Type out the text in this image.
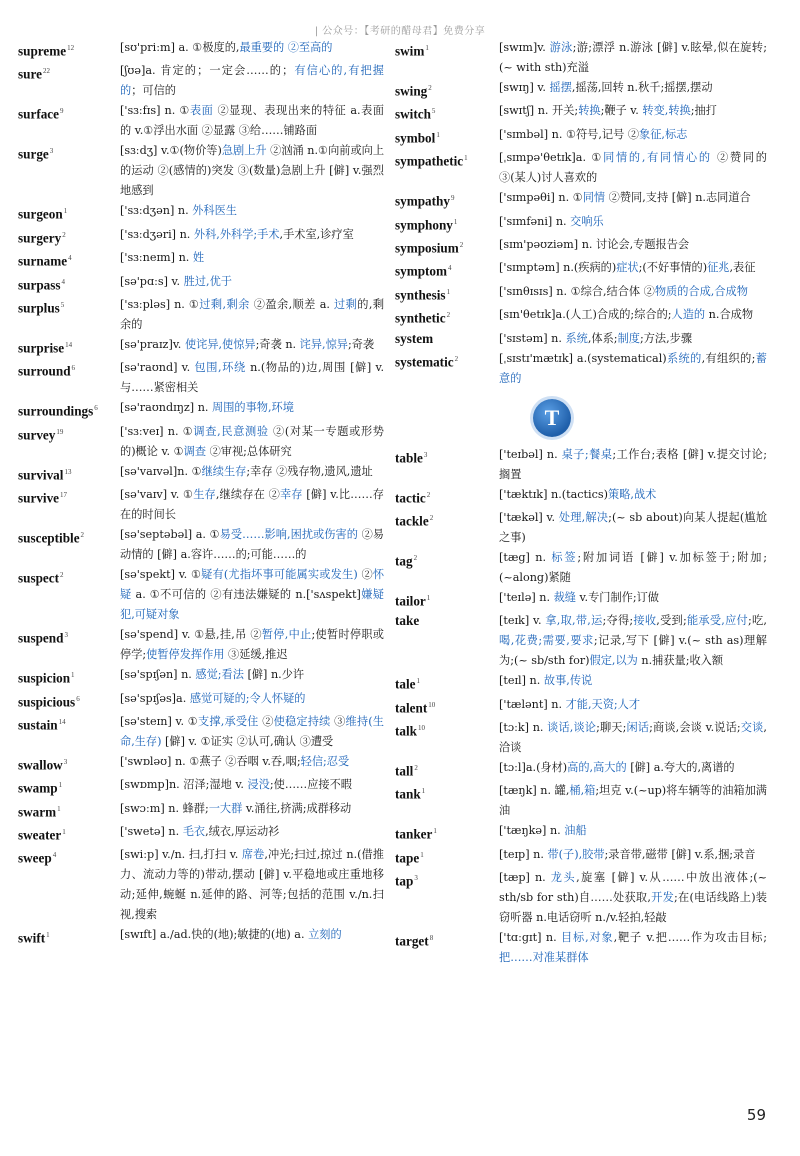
| 公众号：【考研的醋母君】免费分享
supreme$^{12}$	[sʊ'priːm] a. ①极度的,最重要的 ②至高的
sure$^{22}$	[ʃʊə]a. 肯定的；一定会……的；有信心的,有把握的；可信的
surface$^9$	['sɜːfɪs] n. ①表面 ②显现、表现出来的特征 a.表面的 v.①浮出水面 ②显露 ③给……铺路面
surge$^3$	[sɜːdʒ] v.①(物价等)急剧上升 ②汹涌 n.①向前或向上的运动 ②(感情的)突发 ③(数量)急剧上升 [僻] v.强烈地感到
surgeon$^1$	['sɜːdʒən] n. 外科医生
surgery$^2$	['sɜːdʒəri] n. 外科,外科学;手术,手术室,诊疗室
surname$^4$	['sɜːneɪm] n. 姓
surpass$^4$	[sə'pɑːs] v. 胜过,优于
surplus$^5$	['sɜːpləs] n. ①过剩,剩余 ②盈余,顺差 a. 过剩的,剩余的
surprise$^{14}$	[sə'praɪz]v. 使诧异,使惊异;奇袭 n. 诧异,惊异;奇袭
surround$^6$	[sə'raʊnd] v. 包围,环绕 n.(物品的)边,周围 [僻] v.与……紧密相关
surroundings$^6$	[sə'raʊndɪŋz] n. 周围的事物,环境
survey$^{19}$	['sɜːveɪ] n. ①调查,民意测验 ②(对某一专题或形势的)概论 v. ①调查 ②审视;总体研究
survival$^{13}$	[sə'vaɪvəl]n. ①继续生存;幸存 ②残存物,遗风,遗址
survive$^{17}$	[sə'vaɪv] v. ①生存,继续存在 ②幸存 [僻] v.比……存在的时间长
susceptible$^2$	[sə'septəbəl] a. ①易受……影响,困扰或伤害的 ②易动情的 [僻] a.容许……的;可能……的
suspect$^2$	[sə'spekt] v. ①疑有(尤指坏事可能属实或发生) ②怀疑 a. ①不可信的 ②有违法嫌疑的 n.['sʌspekt]嫌疑犯,可疑对象
suspend$^3$	[sə'spend] v. ①悬,挂,吊 ②暂停,中止;使暂时停职或停学;使暂停发挥作用 ③延缓,推迟
suspicion$^1$	[sə'spɪʃən] n. 感觉;看法 [僻] n.少许
suspicious$^6$	[sə'spɪʃəs]a. 感觉可疑的;令人怀疑的
sustain$^{14}$	[sə'steɪn] v. ①支撑,承受住 ②使稳定持续 ③维持(生命,生存) [僻] v. ①证实 ②认可,确认 ③遭受
swallow$^3$	['swɒləʊ] n. ①燕子 ②吞咽 v.吞,咽;轻信;忍受
swamp$^1$	[swɒmp]n. 沼泽;湿地 v. 浸没;使……应接不暇
swarm$^1$	[swɔːm] n. 蜂群;一大群 v.涌往,挤满;成群移动
sweater$^1$	['swetə] n. 毛衣,绒衣,厚运动衫
sweep$^4$	[swiːp] v./n. 扫,打扫 v. 席卷,冲光;扫过,掠过 n.(借推力、流动力等的)带动,摆动 [僻] v.平稳地或庄重地移动;延伸,蜿蜒 n.延伸的路、河等;包括的范围 v./n.扫视,搜索
swift$^1$	[swɪft] a./ad.快的(地);敏捷的(地) a. 立刻的
swim$^1$	[swɪm]v. 游泳;游;漂浮 n.游泳 [僻] v.眩晕,似在旋转;(~ with sth)充溢
swing$^2$	[swɪŋ] v. 摇摆,摇荡,回转 n.秋千;摇摆,摆动
switch$^5$	[swɪtʃ] n. 开关;转换;鞭子 v. 转变,转换;抽打
symbol$^1$	['sɪmbəl] n. ①符号,记号 ②象征,标志
sympathetic$^1$	[ˌsɪmpə'θetɪk]a. ①同情的,有同情心的 ②赞同的 ③(某人)讨人喜欢的
sympathy$^9$	['sɪmpəθi] n. ①同情 ②赞同,支持 [僻] n.志同道合
symphony$^1$	['sɪmfəni] n. 交响乐
symposium$^2$	[sɪm'pəʊziəm] n. 讨论会,专题报告会
symptom$^4$	['sɪmptəm] n.(疾病的)症状;(不好事情的)征兆,表征
synthesis$^1$	['sɪnθɪsɪs] n. ①综合,结合体 ②物质的合成,合成物
synthetic$^2$	[sɪn'θetɪk]a.(人工)合成的;综合的;人造的 n.合成物
system	['sɪstəm] n. 系统,体系;制度;方法,步骤
systematic$^2$	[ˌsɪstɪ'mætɪk] a.(systematical)系统的,有组织的;蓄意的
T
table$^3$	['teɪbəl] n. 桌子;餐桌;工作台;表格 [僻] v.提交讨论;搁置
tactic$^2$	['tæktɪk] n.(tactics)策略,战术
tackle$^2$	['tækəl] v. 处理,解决;(~ sb about)向某人提起(尴尬之事)
tag$^2$	[tæg] n. 标签;附加词语 [僻] v.加标签于;附加;(~along)紧随
tailor$^1$	['teɪlə] n. 裁缝 v.专门制作;订做
take	[teɪk] v. 拿,取,带,运;夺得;接收,受到;能承受,应付;吃,喝,花费;需要,要求;记录,写下 [僻] v.(~ sth as)理解为;(~ sb/sth for)假定,以为 n.捕获量;收入额
tale$^1$	[teɪl] n. 故事,传说
talent$^{10}$	['tælənt] n. 才能,天资;人才
talk$^{10}$	[tɔːk] n. 谈话,谈论;聊天;闲话;商谈,会谈 v.说话;交谈,洽谈
tall$^2$	[tɔːl]a.(身材)高的,高大的 [僻] a.夸大的,离谱的
tank$^1$	[tæŋk] n. 罐,桶,箱;坦克 v.(~up)将车辆等的油箱加满油
tanker$^1$	['tæŋkə] n. 油船
tape$^1$	[teɪp] n. 带(子),胶带;录音带,磁带 [僻] v.系,捆;录音
tap$^3$	[tæp] n. 龙头,旋塞 [僻] v.从……中放出液体;(~ sth/sb for sth)自……处获取,开发;在(电话线路上)装窃听器 n.电话窃听 n./v.轻拍,轻敲
target$^8$	['tɑːgɪt] n. 目标,对象,靶子 v.把……作为攻击目标;把……对准某群体
59
